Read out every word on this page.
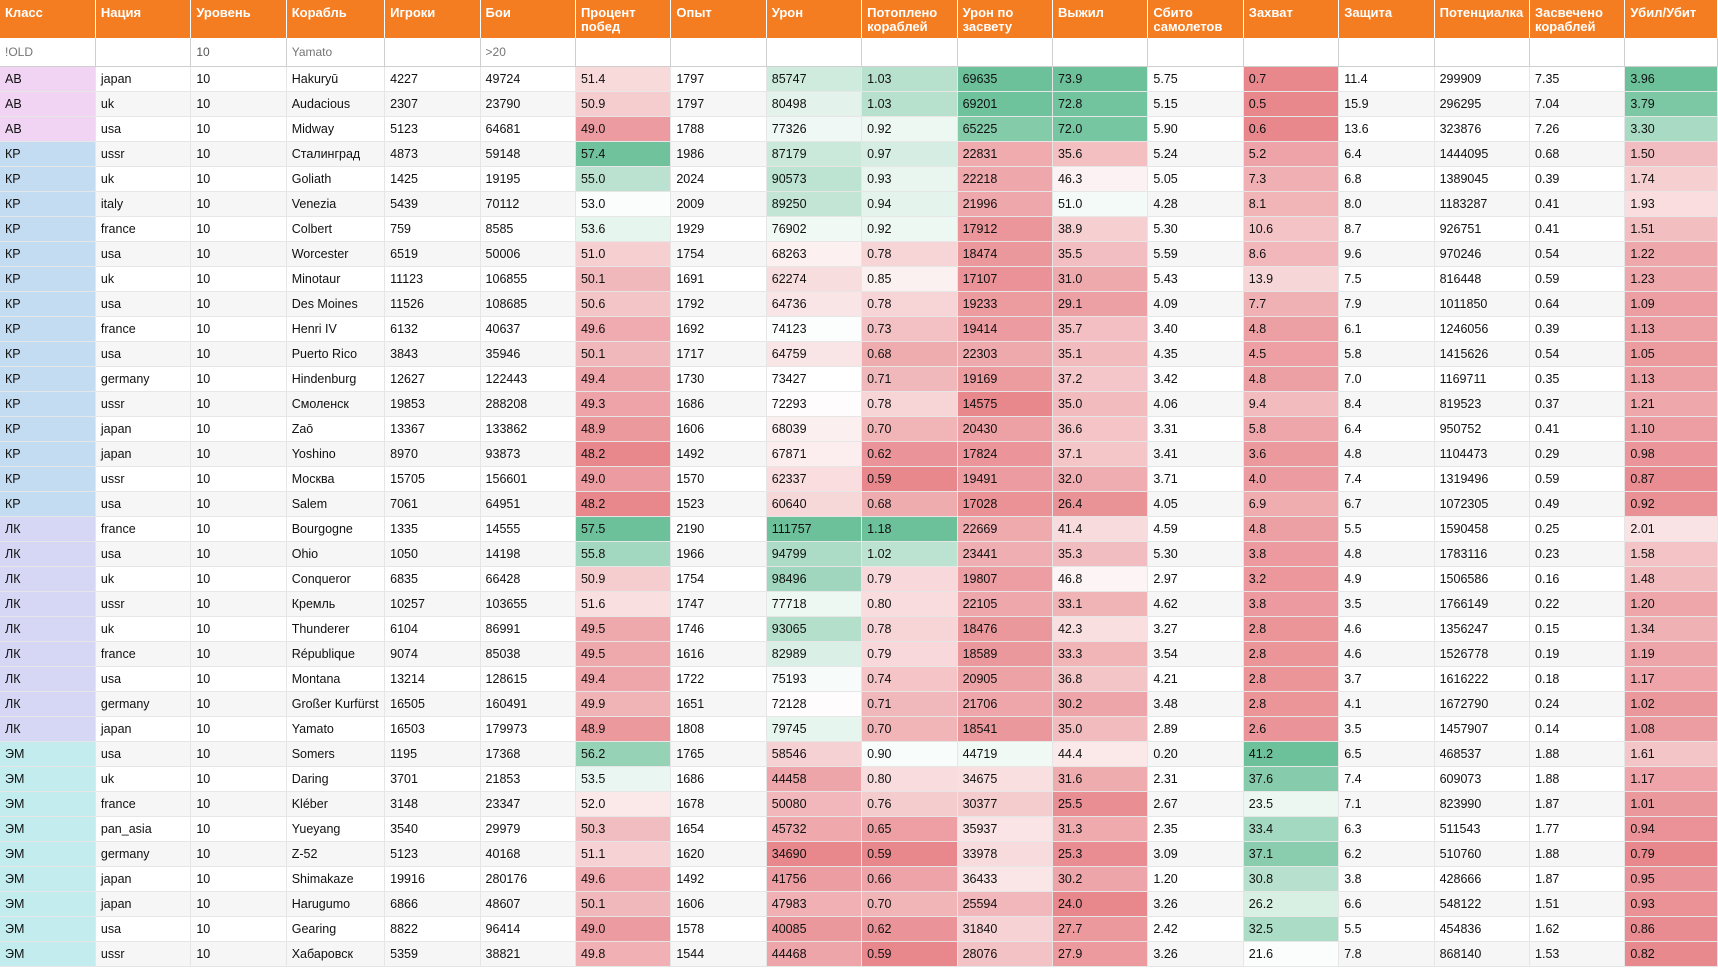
Класс	Нация	Уровень	Корабль	Игроки	Бои	Процент побед	Опыт	Урон	Потоплено кораблей	Урон по засвету	Выжил	Сбито самолетов	Захват	Защита	Потенциалка	Засвечено кораблей	Убил/Убит
!OLD		10	Yamato		>20												
АВ	japan	10	Hakuryū	4227	49724	51.4	1797	85747	1.03	69635	73.9	5.75	0.7	11.4	299909	7.35	3.96
АВ	uk	10	Audacious	2307	23790	50.9	1797	80498	1.03	69201	72.8	5.15	0.5	15.9	296295	7.04	3.79
АВ	usa	10	Midway	5123	64681	49.0	1788	77326	0.92	65225	72.0	5.90	0.6	13.6	323876	7.26	3.30
КР	ussr	10	Сталинград	4873	59148	57.4	1986	87179	0.97	22831	35.6	5.24	5.2	6.4	1444095	0.68	1.50
КР	uk	10	Goliath	1425	19195	55.0	2024	90573	0.93	22218	46.3	5.05	7.3	6.8	1389045	0.39	1.74
КР	italy	10	Venezia	5439	70112	53.0	2009	89250	0.94	21996	51.0	4.28	8.1	8.0	1183287	0.41	1.93
КР	france	10	Colbert	759	8585	53.6	1929	76902	0.92	17912	38.9	5.30	10.6	8.7	926751	0.41	1.51
КР	usa	10	Worcester	6519	50006	51.0	1754	68263	0.78	18474	35.5	5.59	8.6	9.6	970246	0.54	1.22
КР	uk	10	Minotaur	11123	106855	50.1	1691	62274	0.85	17107	31.0	5.43	13.9	7.5	816448	0.59	1.23
КР	usa	10	Des Moines	11526	108685	50.6	1792	64736	0.78	19233	29.1	4.09	7.7	7.9	1011850	0.64	1.09
КР	france	10	Henri IV	6132	40637	49.6	1692	74123	0.73	19414	35.7	3.40	4.8	6.1	1246056	0.39	1.13
КР	usa	10	Puerto Rico	3843	35946	50.1	1717	64759	0.68	22303	35.1	4.35	4.5	5.8	1415626	0.54	1.05
КР	germany	10	Hindenburg	12627	122443	49.4	1730	73427	0.71	19169	37.2	3.42	4.8	7.0	1169711	0.35	1.13
КР	ussr	10	Смоленск	19853	288208	49.3	1686	72293	0.78	14575	35.0	4.06	9.4	8.4	819523	0.37	1.21
КР	japan	10	Zaō	13367	133862	48.9	1606	68039	0.70	20430	36.6	3.31	5.8	6.4	950752	0.41	1.10
КР	japan	10	Yoshino	8970	93873	48.2	1492	67871	0.62	17824	37.1	3.41	3.6	4.8	1104473	0.29	0.98
КР	ussr	10	Москва	15705	156601	49.0	1570	62337	0.59	19491	32.0	3.71	4.0	7.4	1319496	0.59	0.87
КР	usa	10	Salem	7061	64951	48.2	1523	60640	0.68	17028	26.4	4.05	6.9	6.7	1072305	0.49	0.92
ЛК	france	10	Bourgogne	1335	14555	57.5	2190	111757	1.18	22669	41.4	4.59	4.8	5.5	1590458	0.25	2.01
ЛК	usa	10	Ohio	1050	14198	55.8	1966	94799	1.02	23441	35.3	5.30	3.8	4.8	1783116	0.23	1.58
ЛК	uk	10	Conqueror	6835	66428	50.9	1754	98496	0.79	19807	46.8	2.97	3.2	4.9	1506586	0.16	1.48
ЛК	ussr	10	Кремль	10257	103655	51.6	1747	77718	0.80	22105	33.1	4.62	3.8	3.5	1766149	0.22	1.20
ЛК	uk	10	Thunderer	6104	86991	49.5	1746	93065	0.78	18476	42.3	3.27	2.8	4.6	1356247	0.15	1.34
ЛК	france	10	République	9074	85038	49.5	1616	82989	0.79	18589	33.3	3.54	2.8	4.6	1526778	0.19	1.19
ЛК	usa	10	Montana	13214	128615	49.4	1722	75193	0.74	20905	36.8	4.21	2.8	3.7	1616222	0.18	1.17
ЛК	germany	10	Großer Kurfürst	16505	160491	49.9	1651	72128	0.71	21706	30.2	3.48	2.8	4.1	1672790	0.24	1.02
ЛК	japan	10	Yamato	16503	179973	48.9	1808	79745	0.70	18541	35.0	2.89	2.6	3.5	1457907	0.14	1.08
ЭМ	usa	10	Somers	1195	17368	56.2	1765	58546	0.90	44719	44.4	0.20	41.2	6.5	468537	1.88	1.61
ЭМ	uk	10	Daring	3701	21853	53.5	1686	44458	0.80	34675	31.6	2.31	37.6	7.4	609073	1.88	1.17
ЭМ	france	10	Kléber	3148	23347	52.0	1678	50080	0.76	30377	25.5	2.67	23.5	7.1	823990	1.87	1.01
ЭМ	pan_asia	10	Yueyang	3540	29979	50.3	1654	45732	0.65	35937	31.3	2.35	33.4	6.3	511543	1.77	0.94
ЭМ	germany	10	Z-52	5123	40168	51.1	1620	34690	0.59	33978	25.3	3.09	37.1	6.2	510760	1.88	0.79
ЭМ	japan	10	Shimakaze	19916	280176	49.6	1492	41756	0.66	36433	30.2	1.20	30.8	3.8	428666	1.87	0.95
ЭМ	japan	10	Harugumo	6866	48607	50.1	1606	47983	0.70	25594	24.0	3.26	26.2	6.6	548122	1.51	0.93
ЭМ	usa	10	Gearing	8822	96414	49.0	1578	40085	0.62	31840	27.7	2.42	32.5	5.5	454836	1.62	0.86
ЭМ	ussr	10	Хабаровск	5359	38821	49.8	1544	44468	0.59	28076	27.9	3.26	21.6	7.8	868140	1.53	0.82
